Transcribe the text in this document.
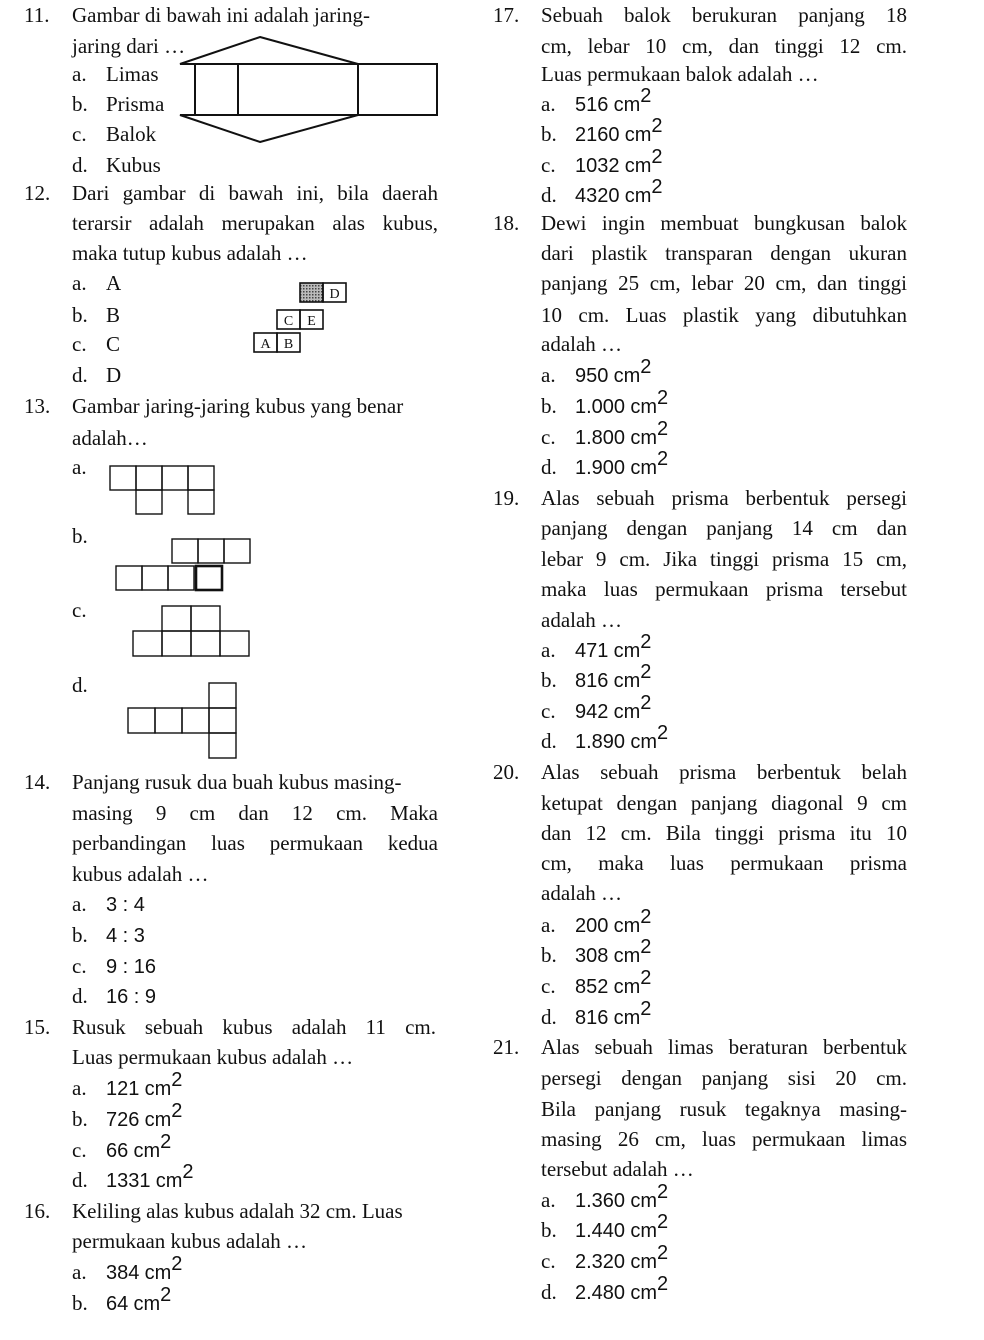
11. Gambar di bawah ini adalah jaring-
jaring dari …
a. Limas
b. Prisma
c. Balok
d. Kubus
12. Dari gambar di bawah ini, bila daerah
terarsir adalah merupakan alas kubus,
maka tutup kubus adalah …
a. A
b. B
c. C
d. D
D
C E
A B
13. Gambar jaring-jaring kubus yang benar
adalah…
a.
b.
c.
d.
14. Panjang rusuk dua buah kubus masing-
masing 9 cm dan 12 cm. Maka
perbandingan luas permukaan kedua
kubus adalah …
a. 3 : 4
b. 4 : 3
c. 9 : 16
d. 16 : 9
15. Rusuk sebuah kubus adalah 11 cm.
Luas permukaan kubus adalah …
a. 121 $cm^2$
b. 726 $cm^2$
c. 66 $cm^2$
d. 1331 $cm^2$
16. Keliling alas kubus adalah 32 cm. Luas
permukaan kubus adalah …
a. 384 $cm^2$
b. 64 $cm^2$
17. Sebuah balok berukuran panjang 18
cm, lebar 10 cm, dan tinggi 12 cm.
Luas permukaan balok adalah …
a. 516 $cm^2$
b. 2160 $cm^2$
c. 1032 $cm^2$
d. 4320 $cm^2$
18. Dewi ingin membuat bungkusan balok
dari plastik transparan dengan ukuran
panjang 25 cm, lebar 20 cm, dan tinggi
10 cm. Luas plastik yang dibutuhkan
adalah …
a. 950 $cm^2$
b. 1.000 $cm^2$
c. 1.800 $cm^2$
d. 1.900 $cm^2$
19. Alas sebuah prisma berbentuk persegi
panjang dengan panjang 14 cm dan
lebar 9 cm. Jika tinggi prisma 15 cm,
maka luas permukaan prisma tersebut
adalah …
a. 471 $cm^2$
b. 816 $cm^2$
c. 942 $cm^2$
d. 1.890 $cm^2$
20. Alas sebuah prisma berbentuk belah
ketupat dengan panjang diagonal 9 cm
dan 12 cm. Bila tinggi prisma itu 10
cm, maka luas permukaan prisma
adalah …
a. 200 $cm^2$
b. 308 $cm^2$
c. 852 $cm^2$
d. 816 $cm^2$
21. Alas sebuah limas beraturan berbentuk
persegi dengan panjang sisi 20 cm.
Bila panjang rusuk tegaknya masing-
masing 26 cm, luas permukaan limas
tersebut adalah …
a. 1.360 $cm^2$
b. 1.440 $cm^2$
c. 2.320 $cm^2$
d. 2.480 $cm^2$
